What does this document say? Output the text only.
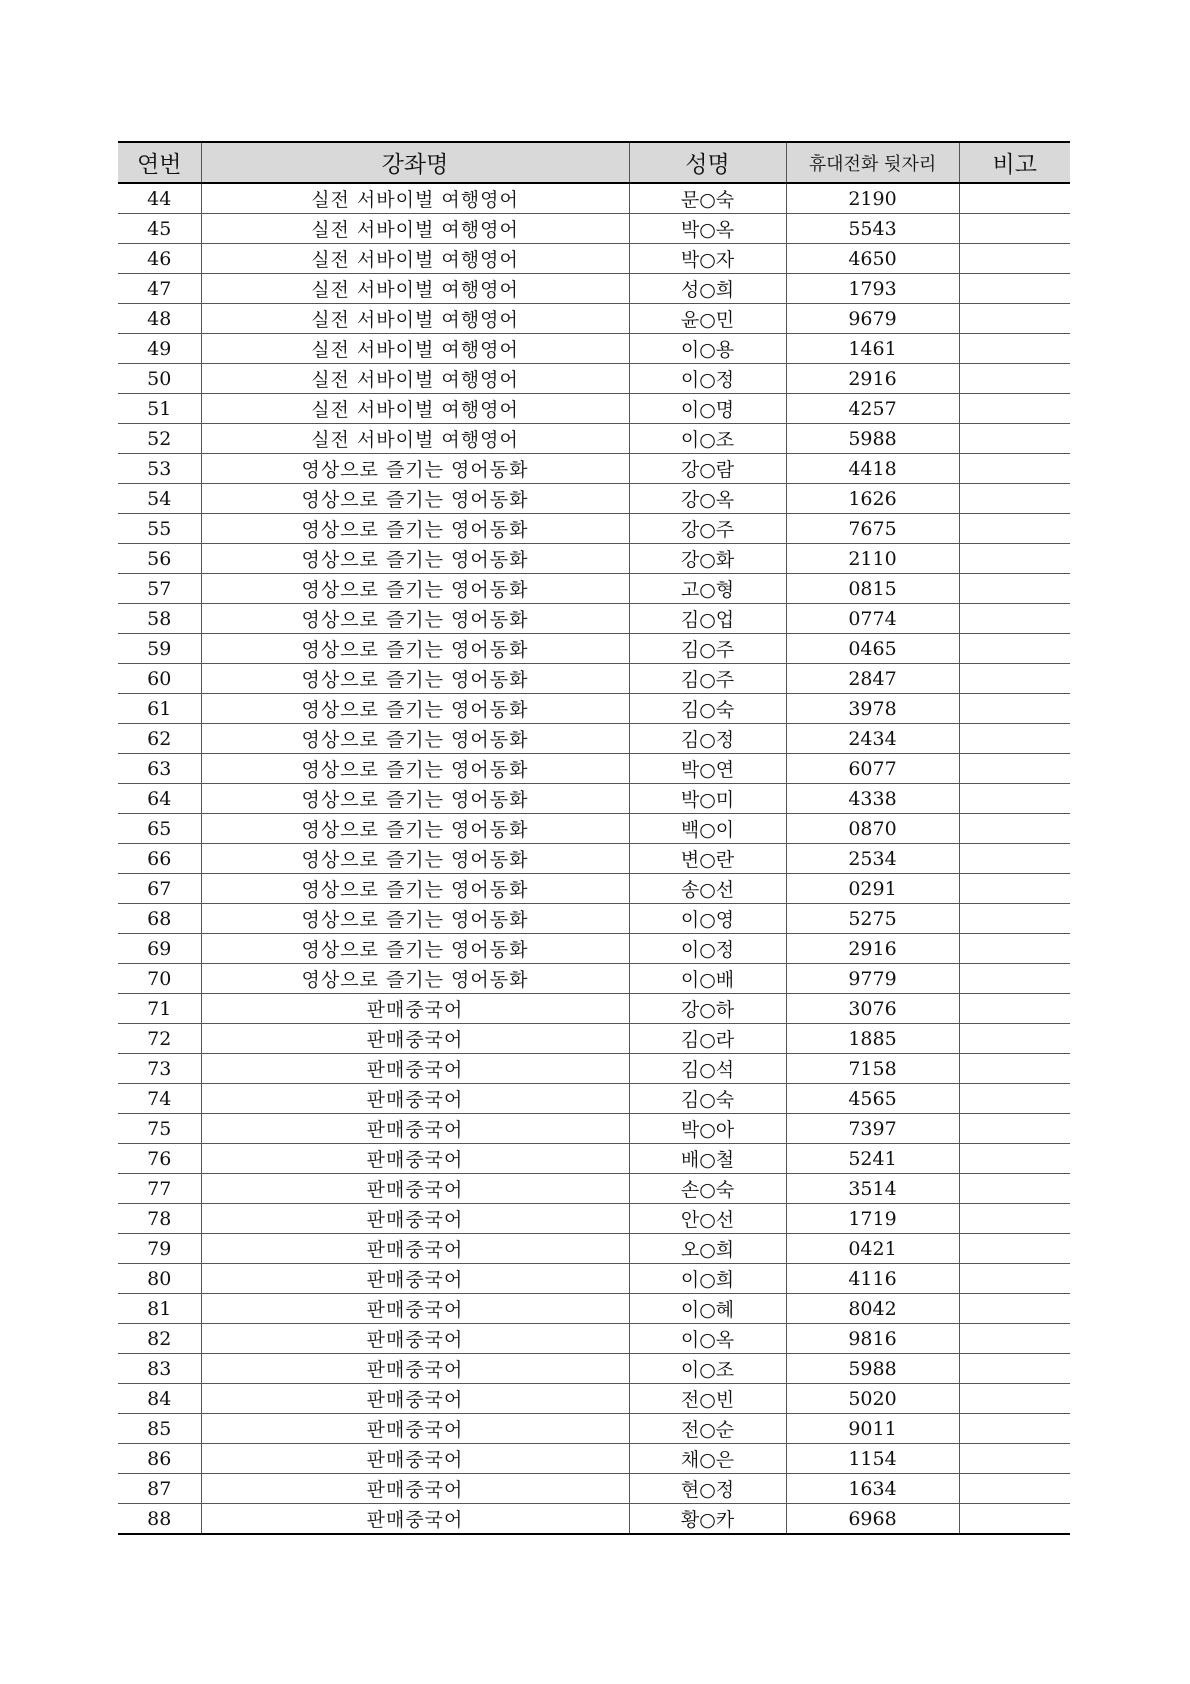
연번	강좌명	성명	휴대전화 뒷자리	비고
44	실전 서바이벌 여행영어	문○숙	2190	
45	실전 서바이벌 여행영어	박○옥	5543	
46	실전 서바이벌 여행영어	박○자	4650	
47	실전 서바이벌 여행영어	성○희	1793	
48	실전 서바이벌 여행영어	윤○민	9679	
49	실전 서바이벌 여행영어	이○용	1461	
50	실전 서바이벌 여행영어	이○정	2916	
51	실전 서바이벌 여행영어	이○명	4257	
52	실전 서바이벌 여행영어	이○조	5988	
53	영상으로 즐기는 영어동화	강○람	4418	
54	영상으로 즐기는 영어동화	강○옥	1626	
55	영상으로 즐기는 영어동화	강○주	7675	
56	영상으로 즐기는 영어동화	강○화	2110	
57	영상으로 즐기는 영어동화	고○형	0815	
58	영상으로 즐기는 영어동화	김○업	0774	
59	영상으로 즐기는 영어동화	김○주	0465	
60	영상으로 즐기는 영어동화	김○주	2847	
61	영상으로 즐기는 영어동화	김○숙	3978	
62	영상으로 즐기는 영어동화	김○정	2434	
63	영상으로 즐기는 영어동화	박○연	6077	
64	영상으로 즐기는 영어동화	박○미	4338	
65	영상으로 즐기는 영어동화	백○이	0870	
66	영상으로 즐기는 영어동화	변○란	2534	
67	영상으로 즐기는 영어동화	송○선	0291	
68	영상으로 즐기는 영어동화	이○영	5275	
69	영상으로 즐기는 영어동화	이○정	2916	
70	영상으로 즐기는 영어동화	이○배	9779	
71	판매중국어	강○하	3076	
72	판매중국어	김○라	1885	
73	판매중국어	김○석	7158	
74	판매중국어	김○숙	4565	
75	판매중국어	박○아	7397	
76	판매중국어	배○철	5241	
77	판매중국어	손○숙	3514	
78	판매중국어	안○선	1719	
79	판매중국어	오○희	0421	
80	판매중국어	이○희	4116	
81	판매중국어	이○혜	8042	
82	판매중국어	이○옥	9816	
83	판매중국어	이○조	5988	
84	판매중국어	전○빈	5020	
85	판매중국어	전○순	9011	
86	판매중국어	채○은	1154	
87	판매중국어	현○정	1634	
88	판매중국어	황○카	6968	
